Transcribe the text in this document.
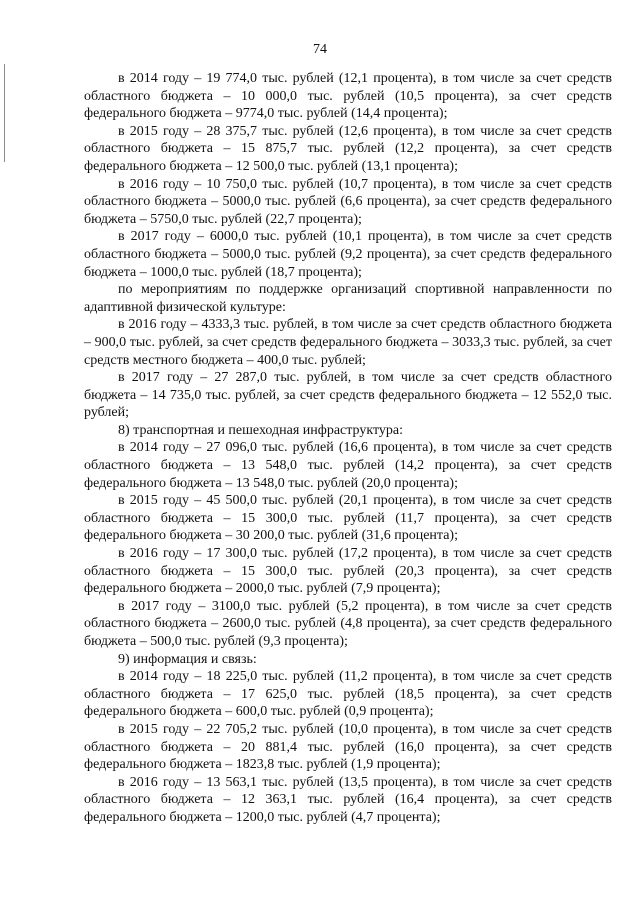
74

в 2014 году – 19 774,0 тыс. рублей (12,1 процента), в том числе за счет средств областного бюджета – 10 000,0 тыс. рублей (10,5 процента), за счет средств федерального бюджета – 9774,0 тыс. рублей (14,4 процента);

в 2015 году – 28 375,7 тыс. рублей (12,6 процента), в том числе за счет средств областного бюджета – 15 875,7 тыс. рублей (12,2 процента), за счет средств федерального бюджета – 12 500,0 тыс. рублей (13,1 процента);

в 2016 году – 10 750,0 тыс. рублей (10,7 процента), в том числе за счет средств областного бюджета – 5000,0 тыс. рублей (6,6 процента), за счет средств федерального бюджета – 5750,0 тыс. рублей (22,7 процента);

в 2017 году – 6000,0 тыс. рублей (10,1 процента), в том числе за счет средств областного бюджета – 5000,0 тыс. рублей (9,2 процента), за счет средств федерального бюджета – 1000,0 тыс. рублей (18,7 процента);

по мероприятиям по поддержке организаций спортивной направленности по адаптивной физической культуре:

в 2016 году – 4333,3 тыс. рублей, в том числе за счет средств областного бюджета – 900,0 тыс. рублей, за счет средств федерального бюджета – 3033,3 тыс. рублей, за счет средств местного бюджета – 400,0 тыс. рублей;

в 2017 году – 27 287,0 тыс. рублей, в том числе за счет средств областного бюджета – 14 735,0 тыс. рублей, за счет средств федерального бюджета – 12 552,0 тыс. рублей;

8) транспортная и пешеходная инфраструктура:

в 2014 году – 27 096,0 тыс. рублей (16,6 процента), в том числе за счет средств областного бюджета – 13 548,0 тыс. рублей (14,2 процента), за счет средств федерального бюджета – 13 548,0 тыс. рублей (20,0 процента);

в 2015 году – 45 500,0 тыс. рублей (20,1 процента), в том числе за счет средств областного бюджета – 15 300,0 тыс. рублей (11,7 процента), за счет средств федерального бюджета – 30 200,0 тыс. рублей (31,6 процента);

в 2016 году – 17 300,0 тыс. рублей (17,2 процента), в том числе за счет средств областного бюджета – 15 300,0 тыс. рублей (20,3 процента), за счет средств федерального бюджета – 2000,0 тыс. рублей (7,9 процента);

в 2017 году – 3100,0 тыс. рублей (5,2 процента), в том числе за счет средств областного бюджета – 2600,0 тыс. рублей (4,8 процента), за счет средств федерального бюджета – 500,0 тыс. рублей (9,3 процента);

9) информация и связь:

в 2014 году – 18 225,0 тыс. рублей (11,2 процента), в том числе за счет средств областного бюджета – 17 625,0 тыс. рублей (18,5 процента), за счет средств федерального бюджета – 600,0 тыс. рублей (0,9 процента);

в 2015 году – 22 705,2 тыс. рублей (10,0 процента), в том числе за счет средств областного бюджета – 20 881,4 тыс. рублей (16,0 процента), за счет средств федерального бюджета – 1823,8 тыс. рублей (1,9 процента);

в 2016 году – 13 563,1 тыс. рублей (13,5 процента), в том числе за счет средств областного бюджета – 12 363,1 тыс. рублей (16,4 процента), за счет средств федерального бюджета – 1200,0 тыс. рублей (4,7 процента);
